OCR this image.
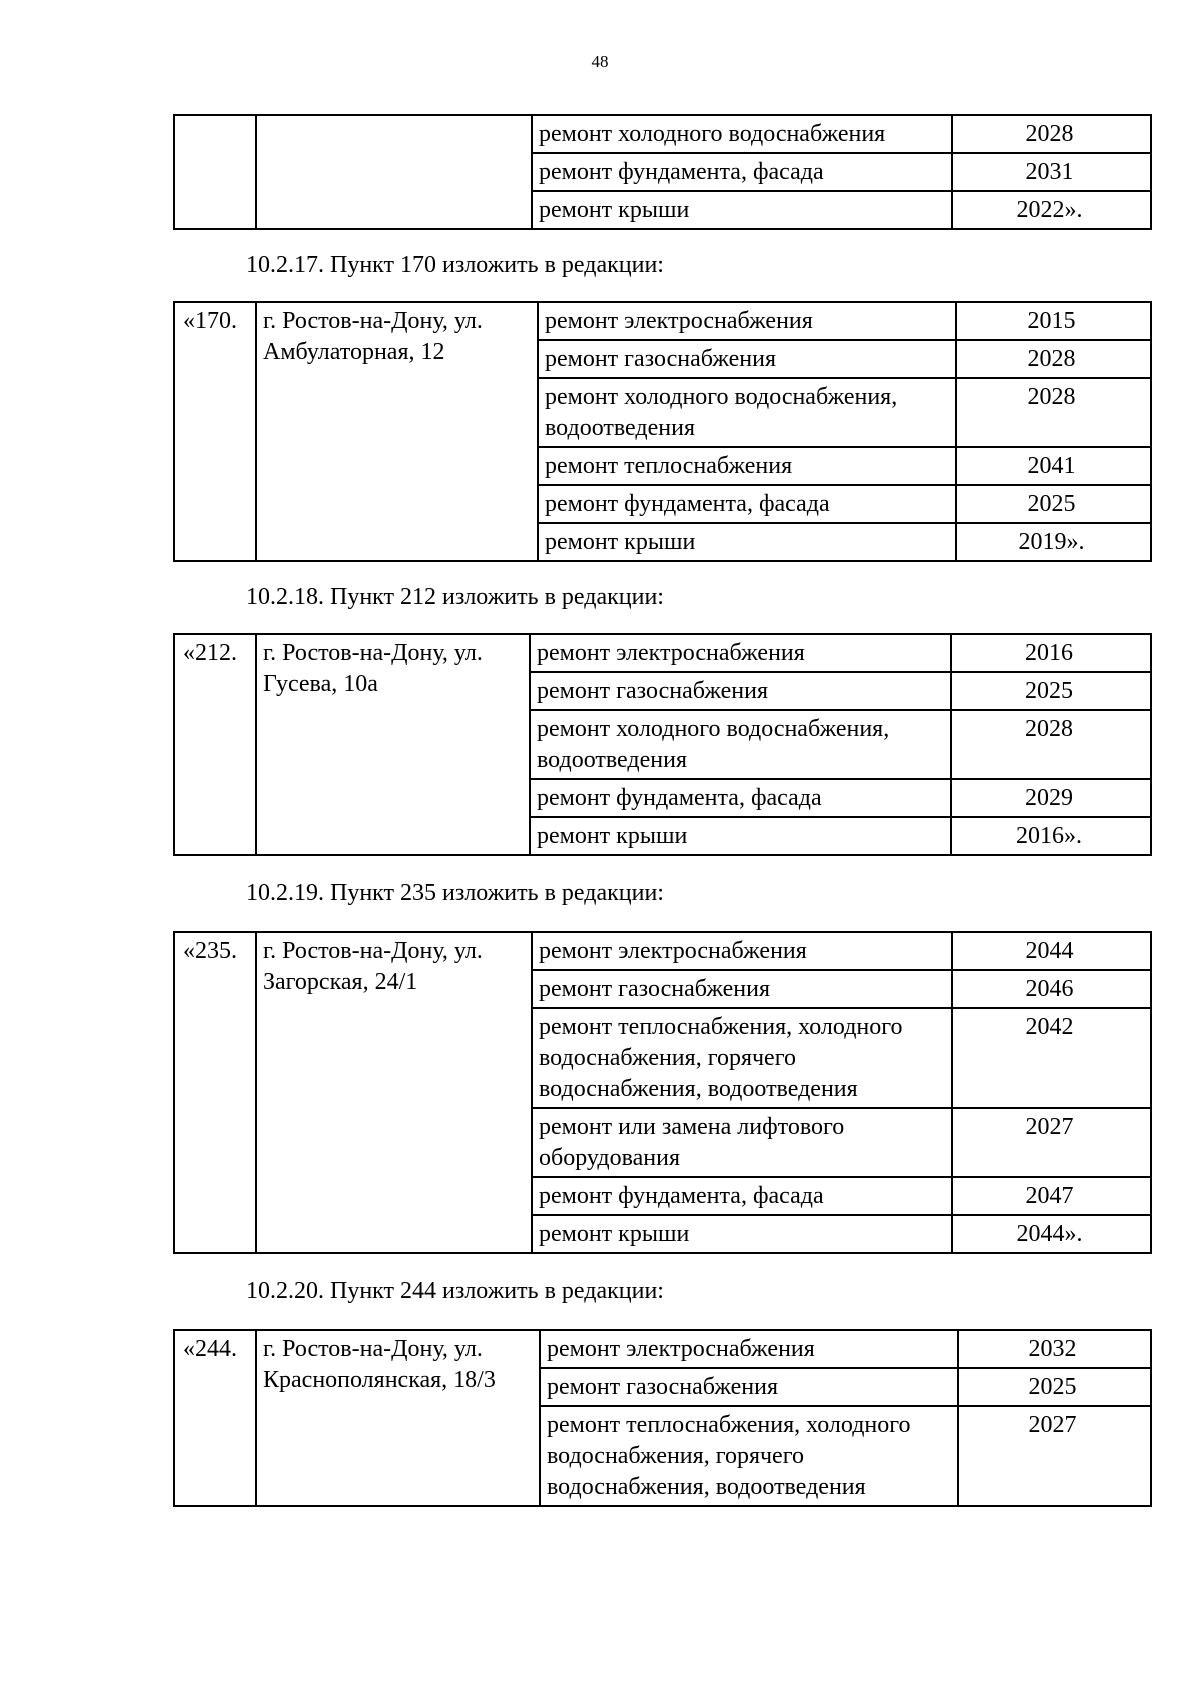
48
		ремонт холодного водоснабжения	2028
		ремонт фундамента, фасада	2031
		ремонт крыши	2022».
10.2.17. Пункт 170 изложить в редакции:
«170.	г. Ростов-на-Дону, ул. Амбулаторная, 12	ремонт электроснабжения	2015
		ремонт газоснабжения	2028
		ремонт холодного водоснабжения, водоотведения	2028
		ремонт теплоснабжения	2041
		ремонт фундамента, фасада	2025
		ремонт крыши	2019».
10.2.18. Пункт 212 изложить в редакции:
«212.	г. Ростов-на-Дону, ул. Гусева, 10а	ремонт электроснабжения	2016
		ремонт газоснабжения	2025
		ремонт холодного водоснабжения, водоотведения	2028
		ремонт фундамента, фасада	2029
		ремонт крыши	2016».
10.2.19. Пункт 235 изложить в редакции:
«235.	г. Ростов-на-Дону, ул. Загорская, 24/1	ремонт электроснабжения	2044
		ремонт газоснабжения	2046
		ремонт теплоснабжения, холодного водоснабжения, горячего водоснабжения, водоотведения	2042
		ремонт или замена лифтового оборудования	2027
		ремонт фундамента, фасада	2047
		ремонт крыши	2044».
10.2.20. Пункт 244 изложить в редакции:
«244.	г. Ростов-на-Дону, ул. Краснополянская, 18/3	ремонт электроснабжения	2032
		ремонт газоснабжения	2025
		ремонт теплоснабжения, холодного водоснабжения, горячего водоснабжения, водоотведения	2027
